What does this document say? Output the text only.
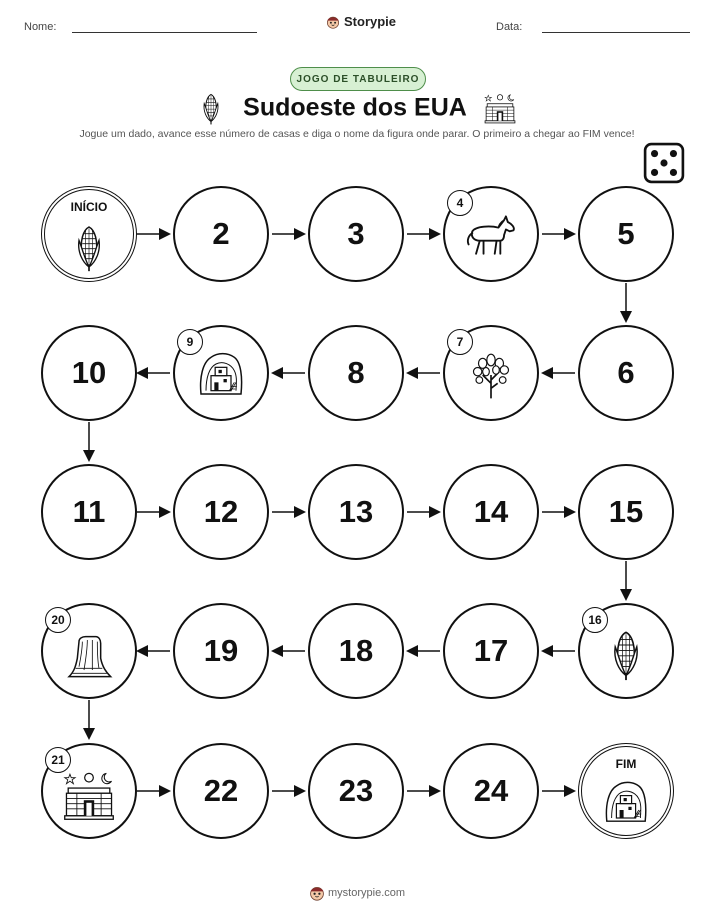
Nome:	Storypie	Data:
JOGO DE TABULEIRO
Sudoeste dos EUA
Jogue um dado, avance esse número de casas e diga o nome da figura onde parar. O primeiro a chegar ao FIM vence!
INÍCIO
2	3
4
5
10
9
8
7
6
11	12	13	14	15
20
19	18	17
16
21
22	23	24
FIM
mystorypie.com
